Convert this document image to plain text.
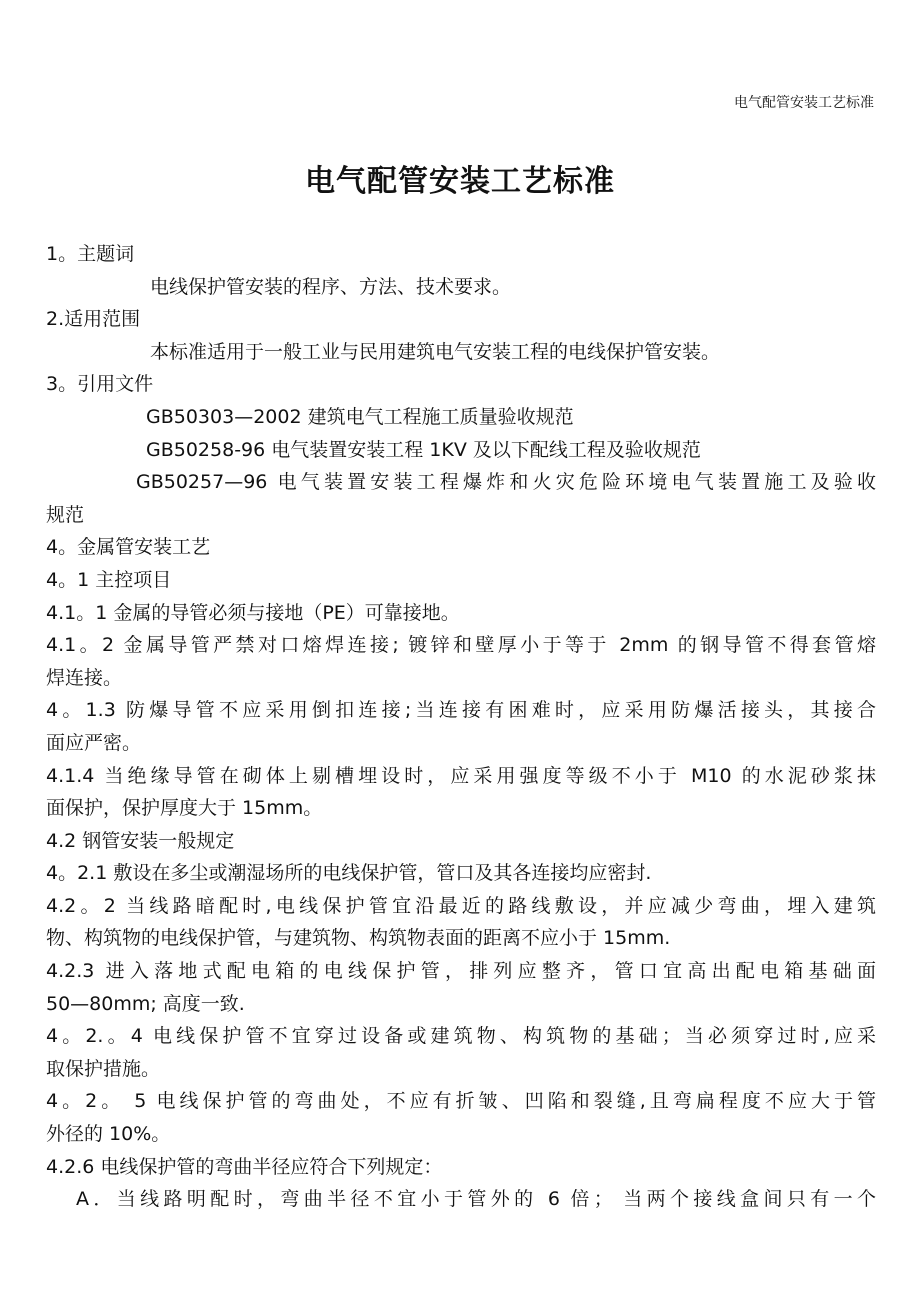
电气配管安装工艺标准
电气配管安装工艺标准
1。主题词
电线保护管安装的程序、方法、技术要求。
2.适用范围
本标准适用于一般工业与民用建筑电气安装工程的电线保护管安装。
3。引用文件
GB50303—2002 建筑电气工程施工质量验收规范
GB50258-96 电气装置安装工程 1KV 及以下配线工程及验收规范
GB50257—96 电气装置安装工程爆炸和火灾危险环境电气装置施工及验收
规范
4。金属管安装工艺
4。1 主控项目
4.1。1 金属的导管必须与接地（PE）可靠接地。
4.1。2 金属导管严禁对口熔焊连接; 镀锌和壁厚小于等于 2mm 的钢导管不得套管熔
焊连接。
4。1.3 防爆导管不应采用倒扣连接;当连接有困难时，应采用防爆活接头，其接合
面应严密。
4.1.4 当绝缘导管在砌体上剔槽埋设时，应采用强度等级不小于 M10 的水泥砂浆抹
面保护，保护厚度大于 15mm。
4.2 钢管安装一般规定
4。2.1 敷设在多尘或潮湿场所的电线保护管，管口及其各连接均应密封.
4.2。2 当线路暗配时,电线保护管宜沿最近的路线敷设，并应减少弯曲，埋入建筑
物、构筑物的电线保护管，与建筑物、构筑物表面的距离不应小于 15mm.
4.2.3 进入落地式配电箱的电线保护管，排列应整齐，管口宜高出配电箱基础面
50—80mm; 高度一致.
4。2.。4 电线保护管不宜穿过设备或建筑物、构筑物的基础；当必须穿过时,应采
取保护措施。
4。2。 5 电线保护管的弯曲处，不应有折皱、凹陷和裂缝,且弯扁程度不应大于管
外径的 10%。
4.2.6 电线保护管的弯曲半径应符合下列规定：
A．当线路明配时，弯曲半径不宜小于管外的 6 倍； 当两个接线盒间只有一个
